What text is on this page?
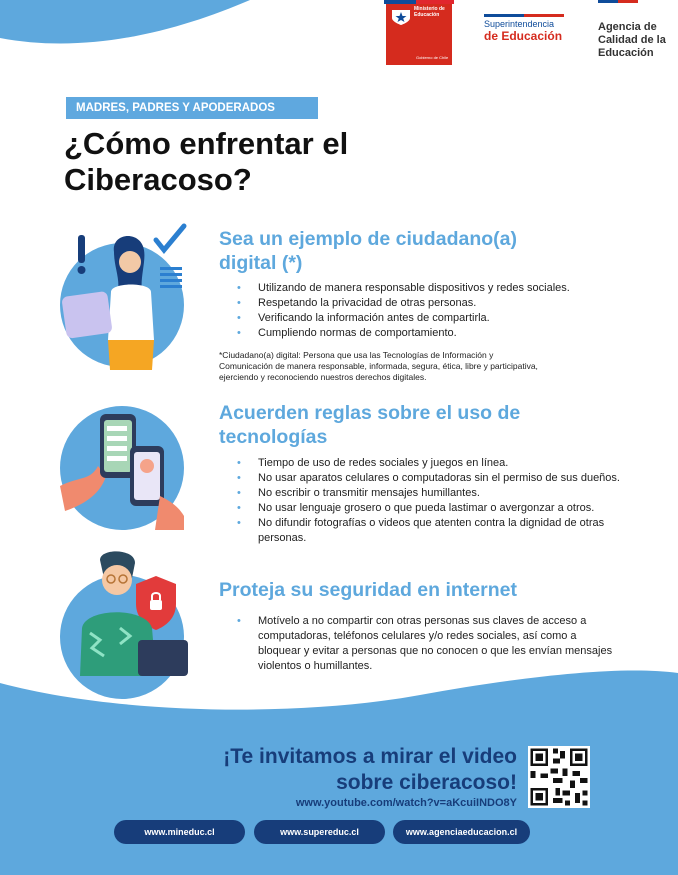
Ministerio de
Educación
Gobierno de Chile
Superintendencia
de Educación
Agencia de
Calidad de la
Educación
MADRES, PADRES Y APODERADOS
¿Cómo enfrentar el
Ciberacoso?
Sea un ejemplo de ciudadano(a)
digital (*)
• Utilizando de manera responsable dispositivos y redes sociales.
• Respetando la privacidad de otras personas.
• Verificando la información antes de compartirla.
• Cumpliendo normas de comportamiento.
*Ciudadano(a) digital: Persona que usa las Tecnologías de Información y Comunicación de manera responsable, informada, segura, ética, libre y participativa, ejerciendo y reconociendo nuestros derechos digitales.
Acuerden reglas sobre el uso de
tecnologías
• Tiempo de uso de redes sociales y juegos en línea.
• No usar aparatos celulares o computadoras sin el permiso de sus dueños.
• No escribir o transmitir mensajes humillantes.
• No usar lenguaje grosero o que pueda lastimar o avergonzar a otros.
• No difundir fotografías o videos que atenten contra la dignidad de otras personas.
Proteja su seguridad en internet
• Motívelo a no compartir con otras personas sus claves de acceso a computadoras, teléfonos celulares y/o redes sociales, así como a bloquear y evitar a personas que no conocen o que les envían mensajes violentos o humillantes.
¡Te invitamos a mirar el video
sobre ciberacoso!
www.youtube.com/watch?v=aKcuiINDO8Y
www.mineduc.cl	www.supereduc.cl	www.agenciaeducacion.cl
